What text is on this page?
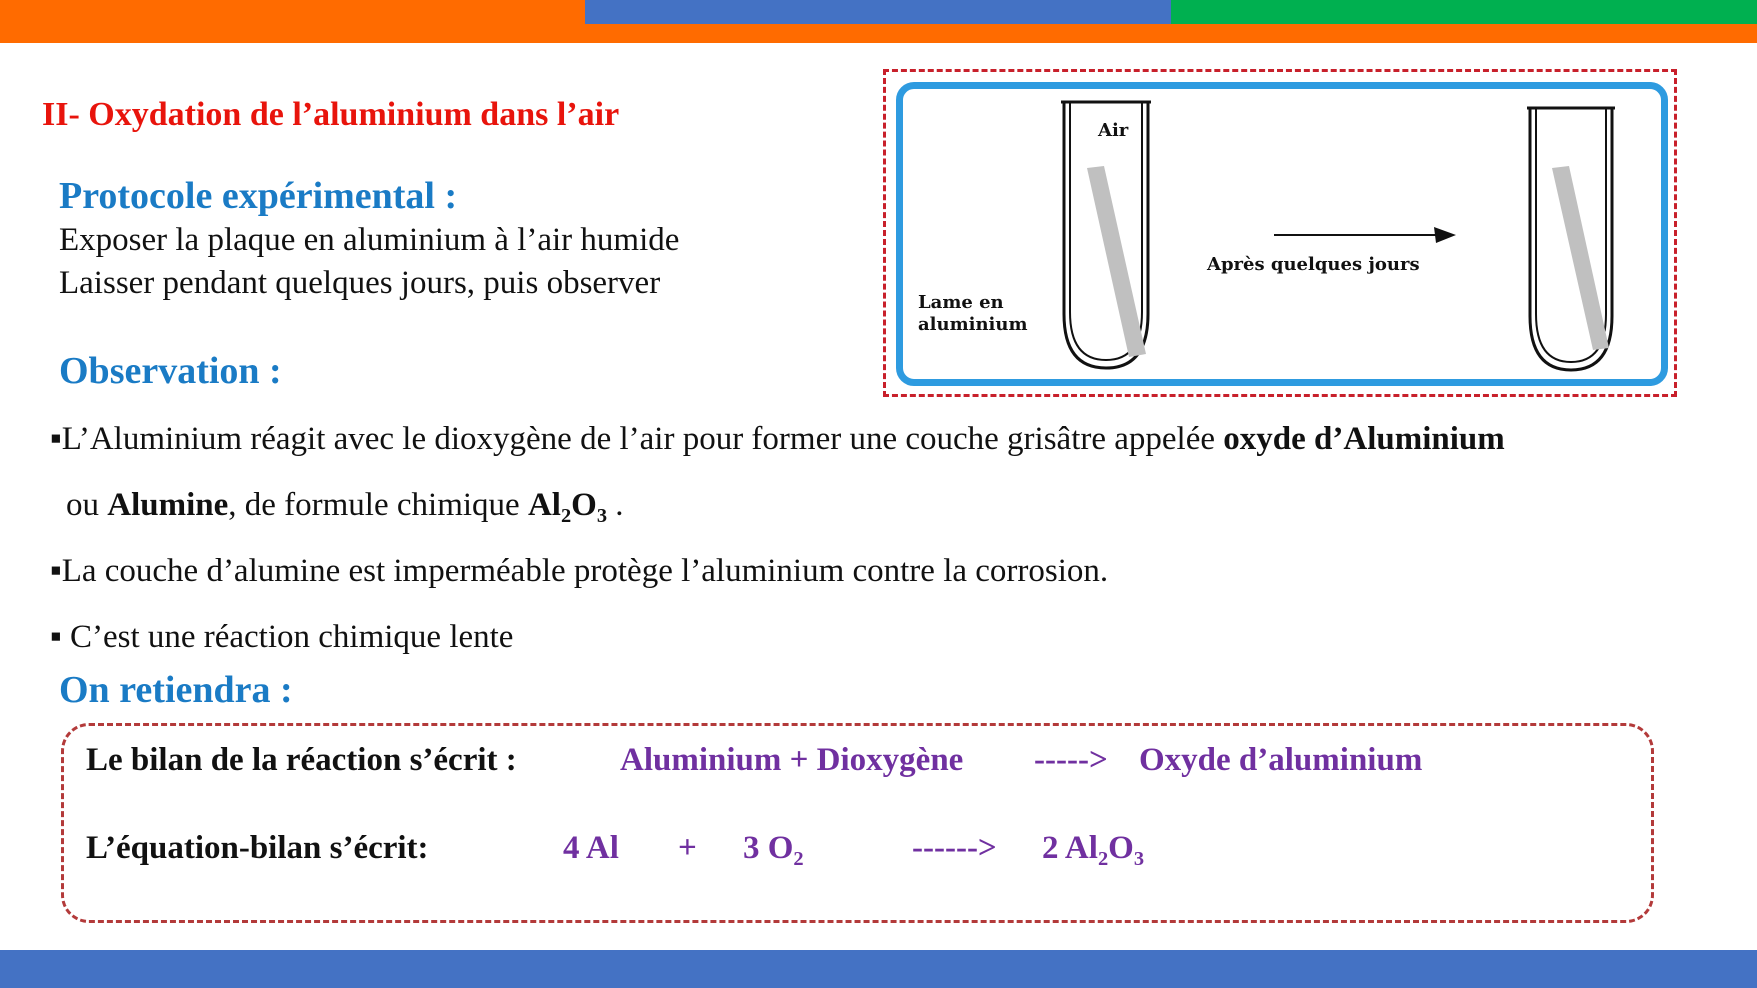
II- Oxydation de l’aluminium dans l’air
Protocole expérimental :
Exposer la plaque en aluminium à l’air humide
Laisser pendant quelques jours, puis observer
Air
Lame en
aluminium
Après quelques jours
Observation :
▪L’Aluminium réagit avec le dioxygène de l’air pour former une couche grisâtre appelée oxyde d’Aluminium
ou Alumine, de formule chimique $Al_2O_3$ .
▪La couche d’alumine est imperméable protège l’aluminium contre la corrosion.
▪ C’est une réaction chimique lente
On retiendra :
Le bilan de la réaction s’écrit :	Aluminium + Dioxygène -----> Oxyde d’aluminium
L’équation-bilan s’écrit:	4 Al + 3 $O_2$	------> 2 $Al_2O_3$
